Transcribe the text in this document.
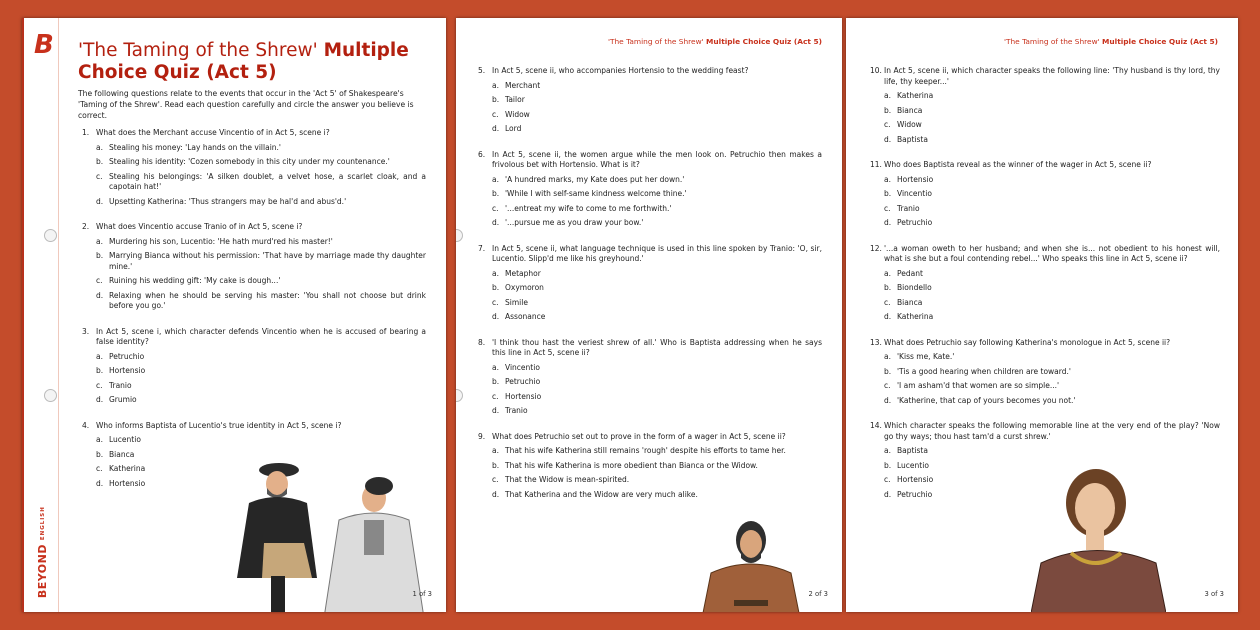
B 'The Taming of the Shrew' Multiple Choice Quiz (Act 5)
The following questions relate to the events that occur in the 'Act 5' of Shakespeare's 'Taming of the Shrew'. Read each question carefully and circle the answer you believe is correct.
1. What does the Merchant accuse Vincentio of in Act 5, scene i?
a. Stealing his money: 'Lay hands on the villain.'
b. Stealing his identity: 'Cozen somebody in this city under my countenance.'
c. Stealing his belongings: 'A silken doublet, a velvet hose, a scarlet cloak, and a capotain hat!'
d. Upsetting Katherina: 'Thus strangers may be hal'd and abus'd.'
2. What does Vincentio accuse Tranio of in Act 5, scene i?
a. Murdering his son, Lucentio: 'He hath murd'red his master!'
b. Marrying Bianca without his permission: 'That have by marriage made thy daughter mine.'
c. Ruining his wedding gift: 'My cake is dough...'
d. Relaxing when he should be serving his master: 'You shall not choose but drink before you go.'
3. In Act 5, scene i, which character defends Vincentio when he is accused of bearing a false identity?
a. Petruchio
b. Hortensio
c. Tranio
d. Grumio
4. Who informs Baptista of Lucentio's true identity in Act 5, scene i?
a. Lucentio
b. Bianca
c. Katherina
d. Hortensio
BEYONDENGLISH
1 of 3
'The Taming of the Shrew' Multiple Choice Quiz (Act 5)
5. In Act 5, scene ii, who accompanies Hortensio to the wedding feast?
a. Merchant
b. Tailor
c. Widow
d. Lord
6. In Act 5, scene ii, the women argue while the men look on. Petruchio then makes a frivolous bet with Hortensio. What is it?
a. 'A hundred marks, my Kate does put her down.'
b. 'While I with self-same kindness welcome thine.'
c. '...entreat my wife to come to me forthwith.'
d. '...pursue me as you draw your bow.'
7. In Act 5, scene ii, what language technique is used in this line spoken by Tranio: 'O, sir, Lucentio. Slipp'd me like his greyhound.'
a. Metaphor
b. Oxymoron
c. Simile
d. Assonance
8. 'I think thou hast the veriest shrew of all.' Who is Baptista addressing when he says this line in Act 5, scene ii?
a. Vincentio
b. Petruchio
c. Hortensio
d. Tranio
9. What does Petruchio set out to prove in the form of a wager in Act 5, scene ii?
a. That his wife Katherina still remains 'rough' despite his efforts to tame her.
b. That his wife Katherina is more obedient than Bianca or the Widow.
c. That the Widow is mean-spirited.
d. That Katherina and the Widow are very much alike.
2 of 3
'The Taming of the Shrew' Multiple Choice Quiz (Act 5)
10. In Act 5, scene ii, which character speaks the following line: 'Thy husband is thy lord, thy life, thy keeper...'
a. Katherina
b. Bianca
c. Widow
d. Baptista
11. Who does Baptista reveal as the winner of the wager in Act 5, scene ii?
a. Hortensio
b. Vincentio
c. Tranio
d. Petruchio
12. '...a woman oweth to her husband; and when she is... not obedient to his honest will, what is she but a foul contending rebel...' Who speaks this line in Act 5, scene ii?
a. Pedant
b. Biondello
c. Bianca
d. Katherina
13. What does Petruchio say following Katherina's monologue in Act 5, scene ii?
a. 'Kiss me, Kate.'
b. 'Tis a good hearing when children are toward.'
c. 'I am asham'd that women are so simple...'
d. 'Katherine, that cap of yours becomes you not.'
14. Which character speaks the following memorable line at the very end of the play? 'Now go thy ways; thou hast tam'd a curst shrew.'
a. Baptista
b. Lucentio
c. Hortensio
d. Petruchio
3 of 3
